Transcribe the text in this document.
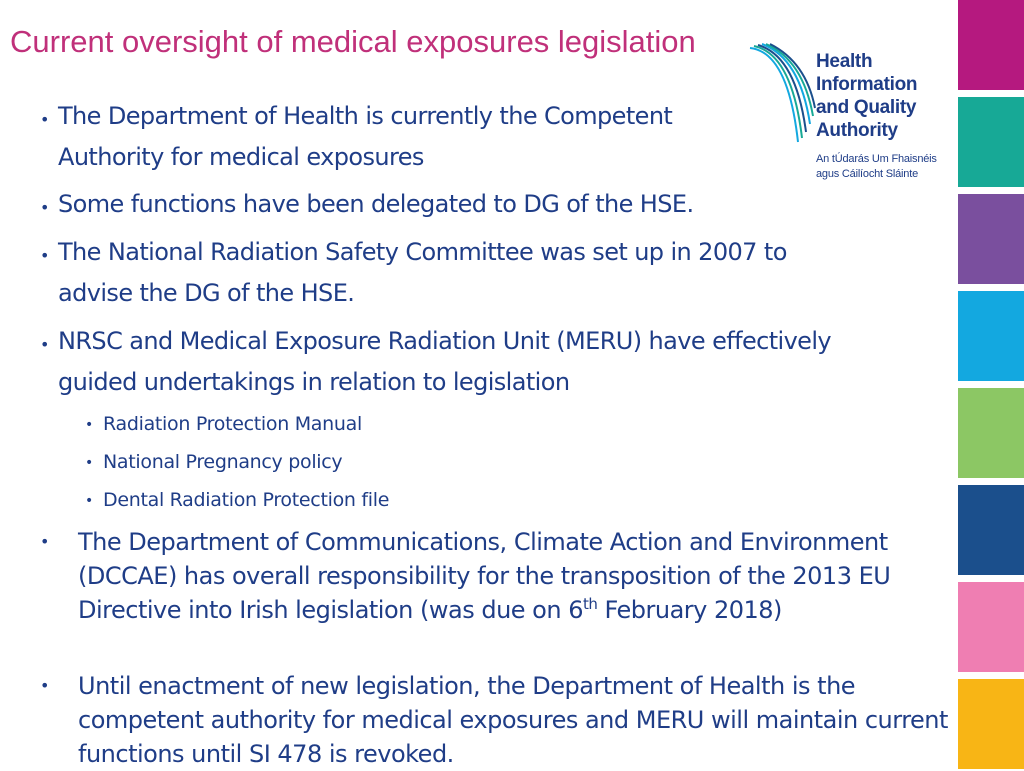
Current oversight of medical exposures legislation
Health
Information
and Quality
Authority
An tÚdarás Um Fhaisnéis
agus Cáilíocht Sláinte
• The Department of Health is currently the Competent
Authority for medical exposures
• Some functions have been delegated to DG of the HSE.
• The National Radiation Safety Committee was set up in 2007 to
advise the DG of the HSE.
• NRSC and Medical Exposure Radiation Unit (MERU) have effectively
guided undertakings in relation to legislation
• Radiation Protection Manual
• National Pregnancy policy
• Dental Radiation Protection file
• The Department of Communications, Climate Action and Environment (DCCAE) has overall responsibility for the transposition of the 2013 EU Directive into Irish legislation (was due on 6th February 2018)
• Until enactment of new legislation, the Department of Health is the competent authority for medical exposures and MERU will maintain current functions until SI 478 is revoked.
